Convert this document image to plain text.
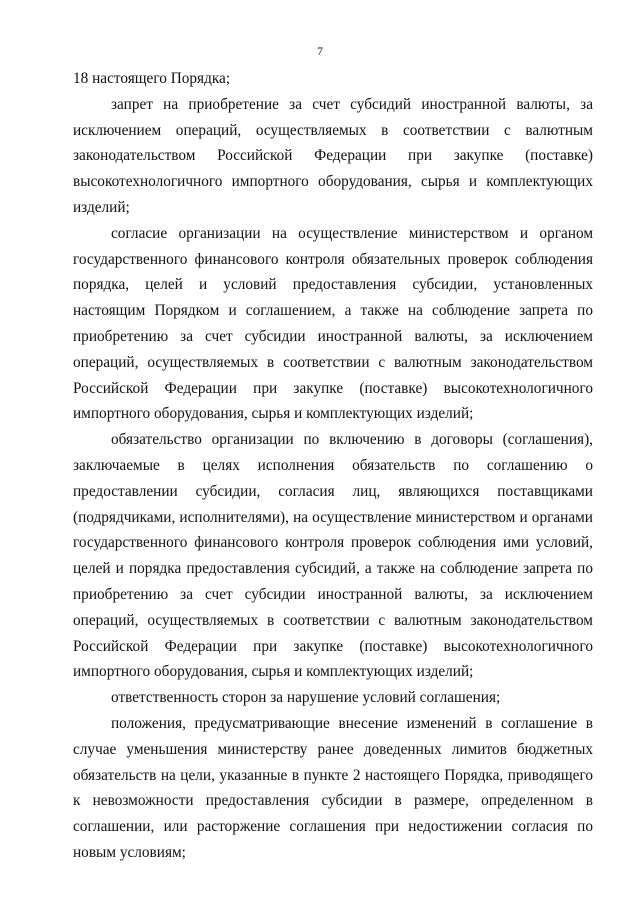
7

18 настоящего Порядка;

запрет на приобретение за счет субсидий иностранной валюты, за исключением операций, осуществляемых в соответствии с валютным законодательством Российской Федерации при закупке (поставке) высокотехнологичного импортного оборудования, сырья и комплектующих изделий;

согласие организации на осуществление министерством и органом государственного финансового контроля обязательных проверок соблюдения порядка, целей и условий предоставления субсидии, установленных настоящим Порядком и соглашением, а также на соблюдение запрета по приобретению за счет субсидии иностранной валюты, за исключением операций, осуществляемых в соответствии с валютным законодательством Российской Федерации при закупке (поставке) высокотехнологичного импортного оборудования, сырья и комплектующих изделий;

обязательство организации по включению в договоры (соглашения), заключаемые в целях исполнения обязательств по соглашению о предоставлении субсидии, согласия лиц, являющихся поставщиками (подрядчиками, исполнителями), на осуществление министерством и органами государственного финансового контроля проверок соблюдения ими условий, целей и порядка предоставления субсидий, а также на соблюдение запрета по приобретению за счет субсидии иностранной валюты, за исключением операций, осуществляемых в соответствии с валютным законодательством Российской Федерации при закупке (поставке) высокотехнологичного импортного оборудования, сырья и комплектующих изделий;

ответственность сторон за нарушение условий соглашения;

положения, предусматривающие внесение изменений в соглашение в случае уменьшения министерству ранее доведенных лимитов бюджетных обязательств на цели, указанные в пункте 2 настоящего Порядка, приводящего к невозможности предоставления субсидии в размере, определенном в соглашении, или расторжение соглашения при недостижении согласия по новым условиям;
